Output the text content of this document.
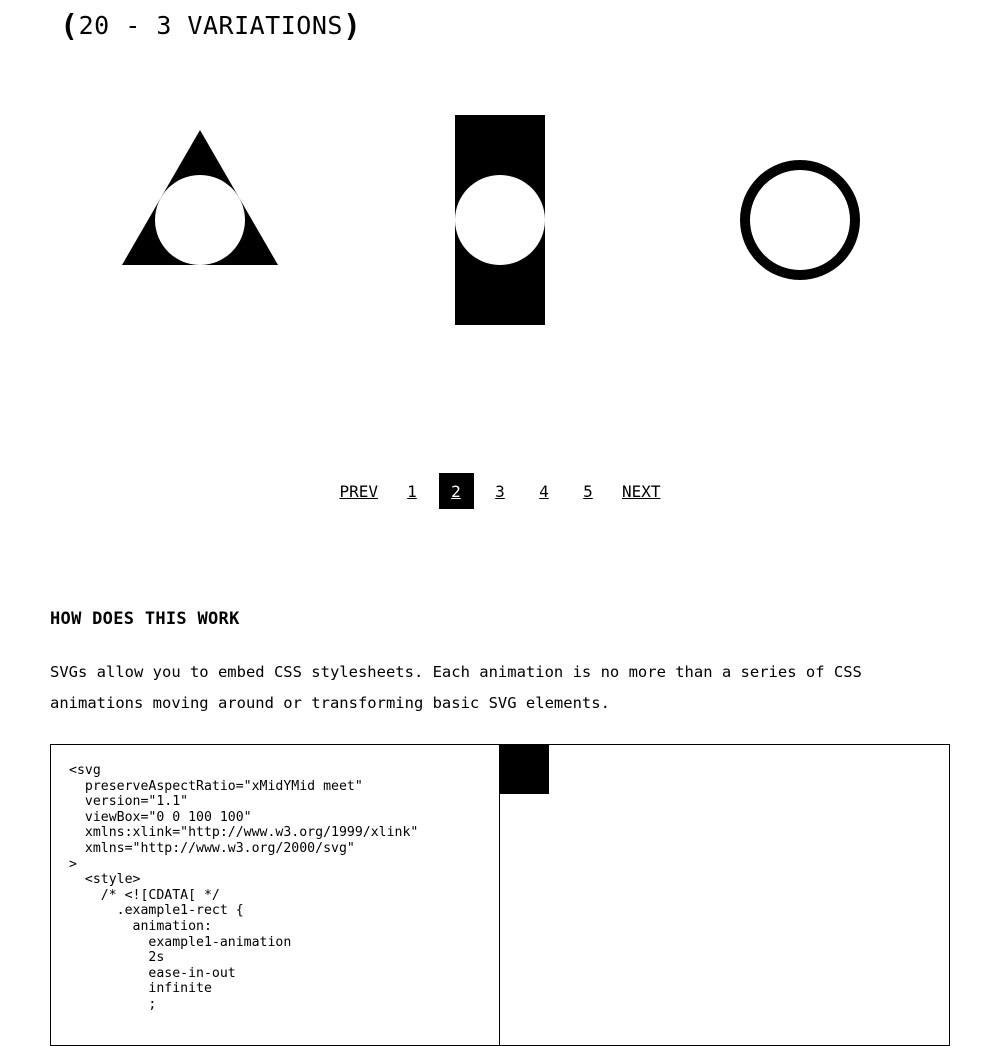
(20 - 3 VARIATIONS)
PREV	1	2	3	4	5	NEXT
HOW DOES THIS WORK

SVGs allow you to embed CSS stylesheets. Each animation is no more than a series of CSS animations moving around or transforming basic SVG elements.

<svg
preserveAspectRatio="xMidYMid meet"
version="1.1"
viewBox="0 0 100 100"
xmlns:xlink="http://www.w3.org/1999/xlink"
xmlns="http://www.w3.org/2000/svg"
>
<style>
/* <![CDATA[ */
.example1-rect {
animation:
example1-animation
2s
ease-in-out
infinite
;
